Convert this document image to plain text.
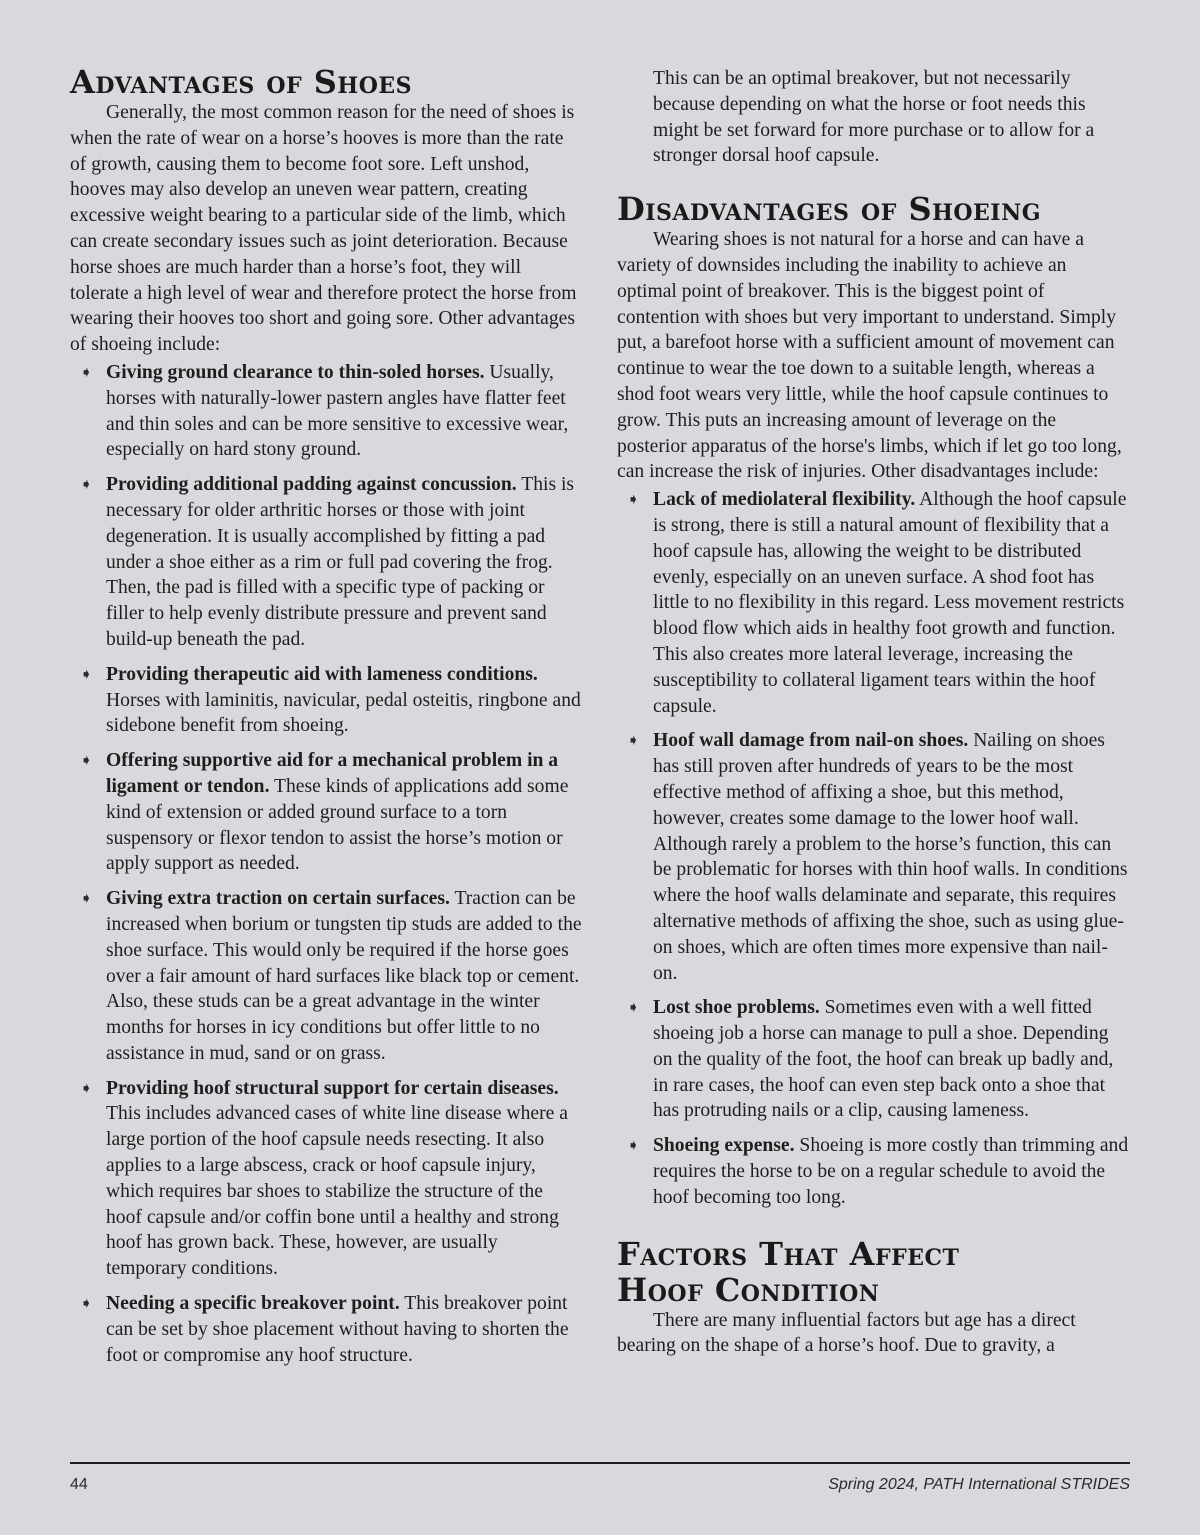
Advantages of Shoes

Generally, the most common reason for the need of shoes is when the rate of wear on a horse’s hooves is more than the rate of growth, causing them to become foot sore. Left unshod, hooves may also develop an uneven wear pattern, creating excessive weight bearing to a particular side of the limb, which can create secondary issues such as joint deterioration. Because horse shoes are much harder than a horse’s foot, they will tolerate a high level of wear and therefore protect the horse from wearing their hooves too short and going sore. Other advantages of shoeing include:

➧ Giving ground clearance to thin-soled horses. Usually, horses with naturally-lower pastern angles have flatter feet and thin soles and can be more sensitive to excessive wear, especially on hard stony ground.
➧ Providing additional padding against concussion. This is necessary for older arthritic horses or those with joint degeneration. It is usually accomplished by fitting a pad under a shoe either as a rim or full pad covering the frog. Then, the pad is filled with a specific type of packing or filler to help evenly distribute pressure and prevent sand build-up beneath the pad.
➧ Providing therapeutic aid with lameness conditions. Horses with laminitis, navicular, pedal osteitis, ringbone and sidebone benefit from shoeing.
➧ Offering supportive aid for a mechanical problem in a ligament or tendon. These kinds of applications add some kind of extension or added ground surface to a torn suspensory or flexor tendon to assist the horse’s motion or apply support as needed.
➧ Giving extra traction on certain surfaces. Traction can be increased when borium or tungsten tip studs are added to the shoe surface. This would only be required if the horse goes over a fair amount of hard surfaces like black top or cement. Also, these studs can be a great advantage in the winter months for horses in icy conditions but offer little to no assistance in mud, sand or on grass.
➧ Providing hoof structural support for certain diseases. This includes advanced cases of white line disease where a large portion of the hoof capsule needs resecting. It also applies to a large abscess, crack or hoof capsule injury, which requires bar shoes to stabilize the structure of the hoof capsule and/or coffin bone until a healthy and strong hoof has grown back. These, however, are usually temporary conditions.
➧ Needing a specific breakover point. This breakover point can be set by shoe placement without having to shorten the foot or compromise any hoof structure.

This can be an optimal breakover, but not necessarily because depending on what the horse or foot needs this might be set forward for more purchase or to allow for a stronger dorsal hoof capsule.

Disadvantages of Shoeing

Wearing shoes is not natural for a horse and can have a variety of downsides including the inability to achieve an optimal point of breakover. This is the biggest point of contention with shoes but very important to understand. Simply put, a barefoot horse with a sufficient amount of movement can continue to wear the toe down to a suitable length, whereas a shod foot wears very little, while the hoof capsule continues to grow. This puts an increasing amount of leverage on the posterior apparatus of the horse's limbs, which if let go too long, can increase the risk of injuries. Other disadvantages include:

➧ Lack of mediolateral flexibility. Although the hoof capsule is strong, there is still a natural amount of flexibility that a hoof capsule has, allowing the weight to be distributed evenly, especially on an uneven surface. A shod foot has little to no flexibility in this regard. Less movement restricts blood flow which aids in healthy foot growth and function. This also creates more lateral leverage, increasing the susceptibility to collateral ligament tears within the hoof capsule.
➧ Hoof wall damage from nail-on shoes. Nailing on shoes has still proven after hundreds of years to be the most effective method of affixing a shoe, but this method, however, creates some damage to the lower hoof wall. Although rarely a problem to the horse’s function, this can be problematic for horses with thin hoof walls. In conditions where the hoof walls delaminate and separate, this requires alternative methods of affixing the shoe, such as using glue-on shoes, which are often times more expensive than nail-on.
➧ Lost shoe problems. Sometimes even with a well fitted shoeing job a horse can manage to pull a shoe. Depending on the quality of the foot, the hoof can break up badly and, in rare cases, the hoof can even step back onto a shoe that has protruding nails or a clip, causing lameness.
➧ Shoeing expense. Shoeing is more costly than trimming and requires the horse to be on a regular schedule to avoid the hoof becoming too long.
Factors That Affect
Hoof Condition

There are many influential factors but age has a direct bearing on the shape of a horse’s hoof. Due to gravity, a

44	Spring 2024, PATH International STRIDES
